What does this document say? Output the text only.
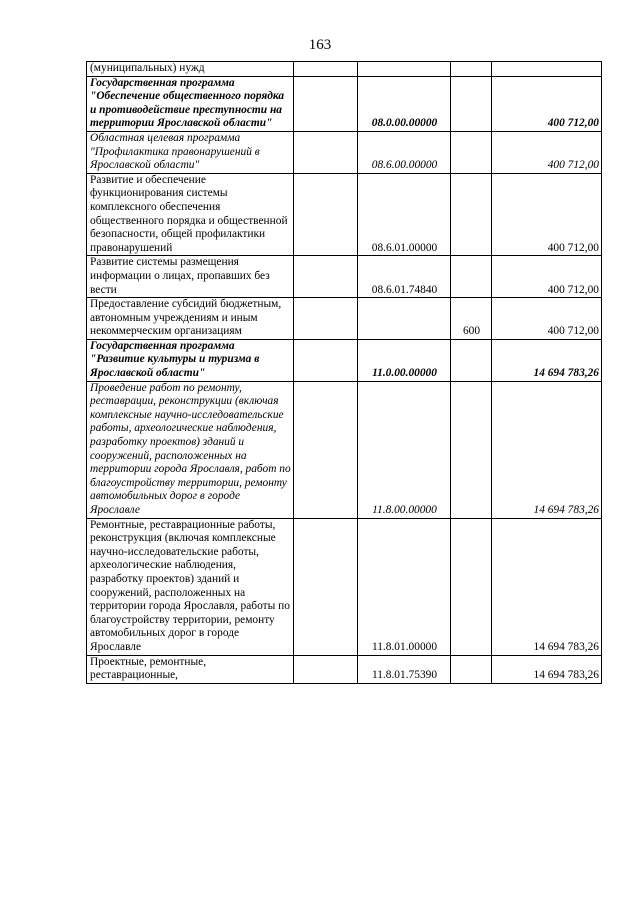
163
(муниципальных) нужд				
Государственная программа "Обеспечение общественного порядка и противодействие преступности на территории Ярославской области"		08.0.00.00000		400 712,00
Областная целевая программа "Профилактика правонарушений в Ярославской области"		08.6.00.00000		400 712,00
Развитие и обеспечение функционирования системы комплексного обеспечения общественного порядка и общественной безопасности, общей профилактики правонарушений		08.6.01.00000		400 712,00
Развитие системы размещения информации о лицах, пропавших без вести		08.6.01.74840		400 712,00
Предоставление субсидий бюджетным, автономным учреждениям и иным некоммерческим организациям			600	400 712,00
Государственная программа "Развитие культуры и туризма в Ярославской области"		11.0.00.00000		14 694 783,26
Проведение работ по ремонту, реставрации, реконструкции (включая комплексные научно-исследовательские работы, археологические наблюдения, разработку проектов) зданий и сооружений, расположенных на территории города Ярославля, работ по благоустройству территории, ремонту автомобильных дорог в городе Ярославле		11.8.00.00000		14 694 783,26
Ремонтные, реставрационные работы, реконструкция (включая комплексные научно-исследовательские работы, археологические наблюдения, разработку проектов) зданий и сооружений, расположенных на территории города Ярославля, работы по благоустройству территории, ремонту автомобильных дорог в городе Ярославле		11.8.01.00000		14 694 783,26
Проектные, ремонтные, реставрационные,		11.8.01.75390		14 694 783,26
